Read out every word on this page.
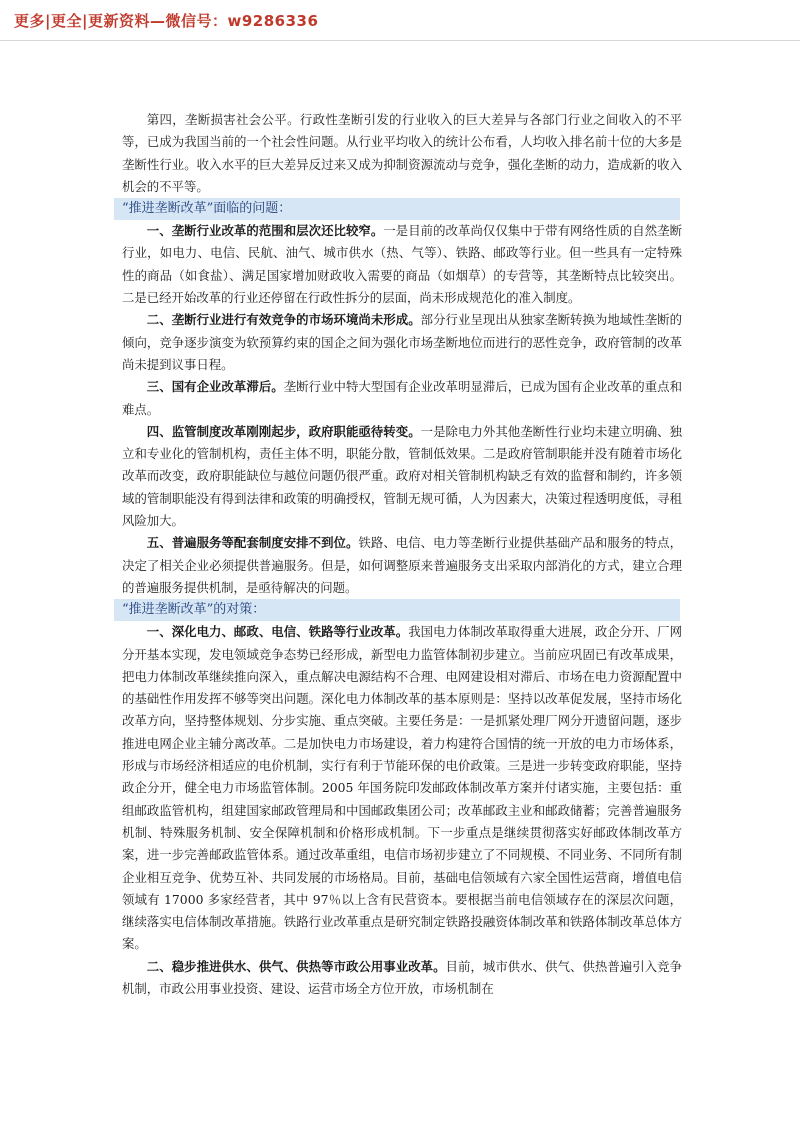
更多|更全|更新资料—微信号：w9286336

第四，垄断损害社会公平。行政性垄断引发的行业收入的巨大差异与各部门行业之间收入的不平等，已成为我国当前的一个社会性问题。从行业平均收入的统计公布看，人均收入排名前十位的大多是垄断性行业。收入水平的巨大差异反过来又成为抑制资源流动与竞争，强化垄断的动力，造成新的收入机会的不平等。

“推进垄断改革”面临的问题：

一、垄断行业改革的范围和层次还比较窄。一是目前的改革尚仅仅集中于带有网络性质的自然垄断行业，如电力、电信、民航、油气、城市供水（热、气等）、铁路、邮政等行业。但一些具有一定特殊性的商品（如食盐）、满足国家增加财政收入需要的商品（如烟草）的专营等，其垄断特点比较突出。二是已经开始改革的行业还停留在行政性拆分的层面，尚未形成规范化的准入制度。

二、垄断行业进行有效竞争的市场环境尚未形成。部分行业呈现出从独家垄断转换为地域性垄断的倾向，竞争逐步演变为软预算约束的国企之间为强化市场垄断地位而进行的恶性竞争，政府管制的改革尚未提到议事日程。

三、国有企业改革滞后。垄断行业中特大型国有企业改革明显滞后，已成为国有企业改革的重点和难点。

四、监管制度改革刚刚起步，政府职能亟待转变。一是除电力外其他垄断性行业均未建立明确、独立和专业化的管制机构，责任主体不明，职能分散，管制低效果。二是政府管制职能并没有随着市场化改革而改变，政府职能缺位与越位问题仍很严重。政府对相关管制机构缺乏有效的监督和制约，许多领域的管制职能没有得到法律和政策的明确授权，管制无规可循，人为因素大，决策过程透明度低，寻租风险加大。

五、普遍服务等配套制度安排不到位。铁路、电信、电力等垄断行业提供基础产品和服务的特点，决定了相关企业必须提供普遍服务。但是，如何调整原来普遍服务支出采取内部消化的方式，建立合理的普遍服务提供机制，是亟待解决的问题。

“推进垄断改革”的对策：

一、深化电力、邮政、电信、铁路等行业改革。我国电力体制改革取得重大进展，政企分开、厂网分开基本实现，发电领域竞争态势已经形成，新型电力监管体制初步建立。当前应巩固已有改革成果，把电力体制改革继续推向深入，重点解决电源结构不合理、电网建设相对滞后、市场在电力资源配置中的基础性作用发挥不够等突出问题。深化电力体制改革的基本原则是：坚持以改革促发展，坚持市场化改革方向，坚持整体规划、分步实施、重点突破。主要任务是：一是抓紧处理厂网分开遗留问题，逐步推进电网企业主辅分离改革。二是加快电力市场建设，着力构建符合国情的统一开放的电力市场体系，形成与市场经济相适应的电价机制，实行有利于节能环保的电价政策。三是进一步转变政府职能，坚持政企分开，健全电力市场监管体制。2005 年国务院印发邮政体制改革方案并付诸实施，主要包括：重组邮政监管机构，组建国家邮政管理局和中国邮政集团公司；改革邮政主业和邮政储蓄；完善普遍服务机制、特殊服务机制、安全保障机制和价格形成机制。下一步重点是继续贯彻落实好邮政体制改革方案，进一步完善邮政监管体系。通过改革重组，电信市场初步建立了不同规模、不同业务、不同所有制企业相互竞争、优势互补、共同发展的市场格局。目前，基础电信领域有六家全国性运营商，增值电信领域有 17000 多家经营者，其中 97％以上含有民营资本。要根据当前电信领域存在的深层次问题，继续落实电信体制改革措施。铁路行业改革重点是研究制定铁路投融资体制改革和铁路体制改革总体方案。

二、稳步推进供水、供气、供热等市政公用事业改革。目前，城市供水、供气、供热普遍引入竞争机制，市政公用事业投资、建设、运营市场全方位开放，市场机制在
